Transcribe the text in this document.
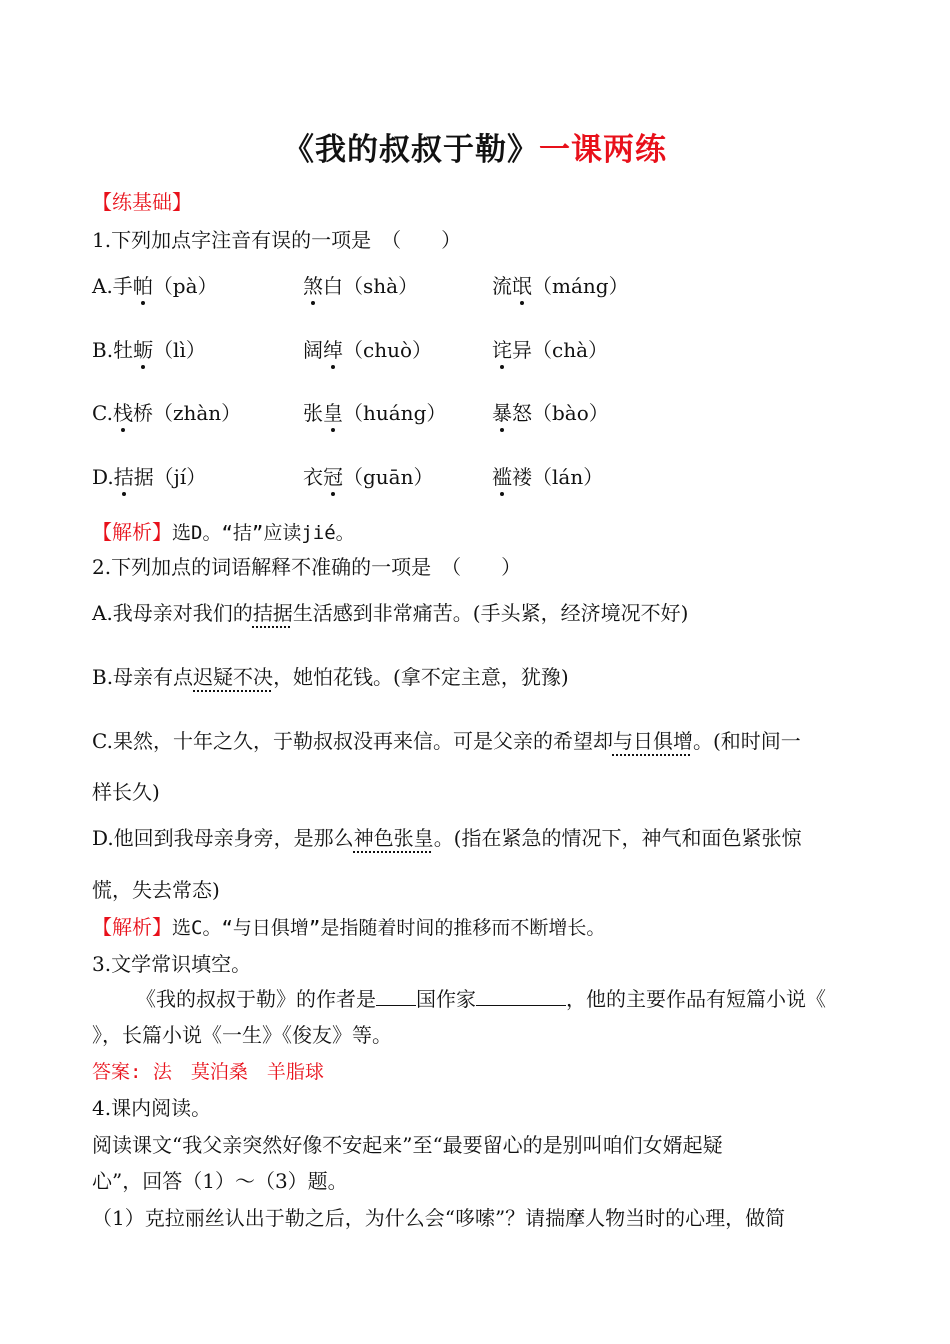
《我的叔叔于勒》一课两练
【练基础】
1.下列加点字注音有误的一项是　（　　）
A.手帕（pà）	煞白（shà）	流氓（máng）
B.牡蛎（lì）	阔绰（chuò）	诧异（chà）
C.栈桥（zhàn）	张皇（huáng） 暴怒（bào）
D.拮据（jí）	衣冠（guān）	褴褛（lán）
【解析】选D。“拮”应读jié。
2.下列加点的词语解释不准确的一项是　（　　）
A.我母亲对我们的拮据生活感到非常痛苦。(手头紧，经济境况不好)
B.母亲有点迟疑不决，她怕花钱。(拿不定主意，犹豫)
C.果然，十年之久，于勒叔叔没再来信。可是父亲的希望却与日俱增。(和时间一
样长久)
D.他回到我母亲身旁，是那么神色张皇。(指在紧急的情况下，神气和面色紧张惊
慌，失去常态)
【解析】选C。“与日俱增”是指随着时间的推移而不断增长。
3.文学常识填空。
《我的叔叔于勒》的作者是 国作家	，他的主要作品有短篇小说《
》，长篇小说《一生》《俊友》等。
答案: 法　莫泊桑　羊脂球
4.课内阅读。
阅读课文“我父亲突然好像不安起来”至“最要留心的是别叫咱们女婿起疑
心”，回答（1）～（3）题。
（1）克拉丽丝认出于勒之后，为什么会“哆嗦”？请揣摩人物当时的心理，做简
